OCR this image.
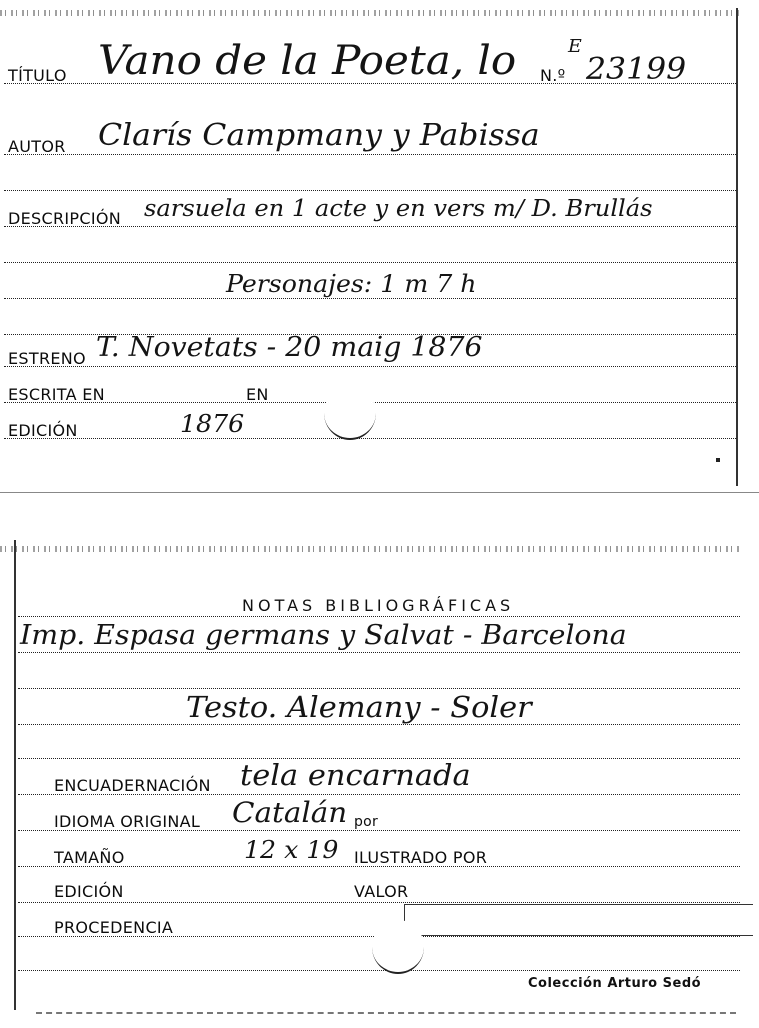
TÍTULO Vano de la Poeta, lo N.º
E
23199
AUTOR Clarís Campmany y Pabissa
DESCRIPCIÓN sarsuela en 1 acte y en vers m/ D. Brullás
Personajes: 1 m 7 h
ESTRENO T. Novetats - 20 maig 1876
ESCRITA EN	EN
EDICIÓN	1876
NOTAS BIBLIOGRÁFICAS
Imp. Espasa germans y Salvat - Barcelona
Testo. Alemany - Soler
ENCUADERNACIÓN tela encarnada
IDIOMA ORIGINAL Catalán por
TAMAÑO	12 x 19 ILUSTRADO POR
EDICIÓN	VALOR
PROCEDENCIA
Colección Arturo Sedó
